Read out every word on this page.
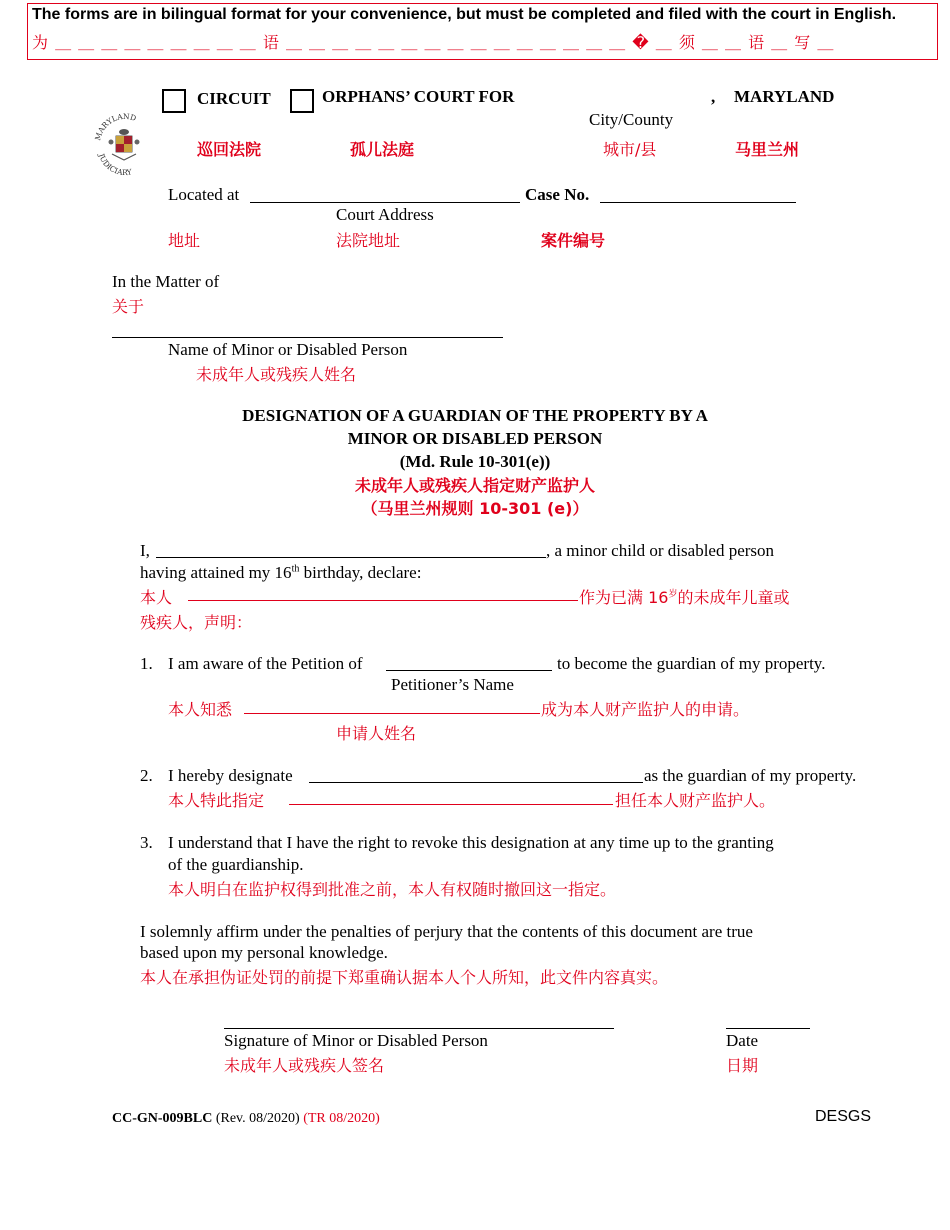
The forms are in bilingual format for your convenience, but must be completed and filed with the court in English.
为 ＿ ＿ ＿ ＿ ＿ ＿ ＿ ＿ ＿ 语 ＿ ＿ ＿ ＿ ＿ ＿ ＿ ＿ ＿ ＿ ＿ ＿ ＿ ＿ ＿ � ＿ 须 ＿ ＿ 语 ＿ 写 ＿
MARYLAND
JUDICIARY
CIRCUIT	ORPHANS’ COURT FOR	, MARYLAND
City/County
巡回法院	孤儿法庭	城市/县	马里兰州
Located at	Case No.
Court Address
地址	法院地址	案件编号
In the Matter of
关于
Name of Minor or Disabled Person
未成年人或残疾人姓名
DESIGNATION OF A GUARDIAN OF THE PROPERTY BY A
MINOR OR DISABLED PERSON
(Md. Rule 10-301(e))
未成年人或残疾人指定财产监护人
（马里兰州规则 10-301 (e)）
I,	, a minor child or disabled person
having attained my 16th birthday, declare:
本人	作为已满 $16^岁$的未成年儿童或
残疾人，声明：
1. I am aware of the Petition of	to become the guardian of my property.
Petitioner’s Name
本人知悉	成为本人财产监护人的申请。
申请人姓名
2. I hereby designate	as the guardian of my property.
本人特此指定	担任本人财产监护人。
3. I understand that I have the right to revoke this designation at any time up to the granting
of the guardianship.
本人明白在监护权得到批准之前，本人有权随时撤回这一指定。
I solemnly affirm under the penalties of perjury that the contents of this document are true
based upon my personal knowledge.
本人在承担伪证处罚的前提下郑重确认据本人个人所知，此文件内容真实。
Signature of Minor or Disabled Person	Date
未成年人或残疾人签名	日期
CC-GN-009BLC (Rev. 08/2020) (TR 08/2020)	DESGS
